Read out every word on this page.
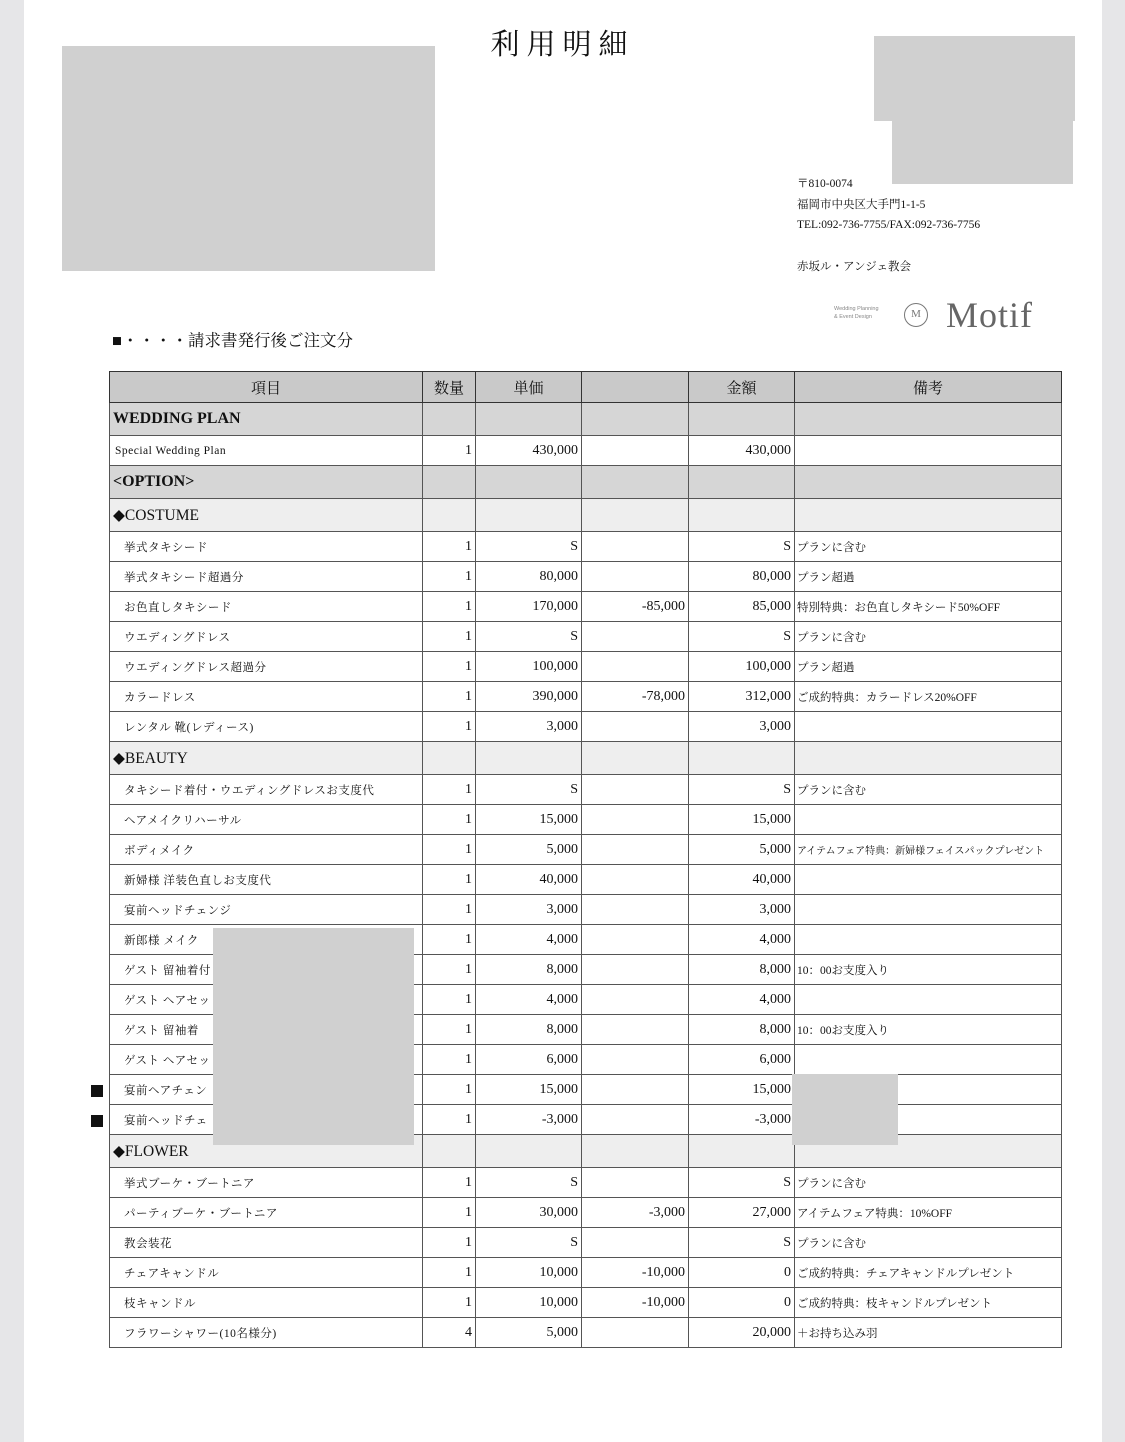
利用明細
〒810-0074
福岡市中央区大手門1-1-5
TEL:092-736-7755/FAX:092-736-7756
赤坂ル・アンジェ教会
Wedding Planning
& Event Design	M Motif
■・・・・請求書発行後ご注文分
項目	数量	単価		金額	備考
WEDDING PLAN					
Special Wedding Plan	1	430,000		430,000	
<OPTION>					
◆COSTUME					
挙式タキシード	1	S		S	プランに含む
挙式タキシード超過分	1	80,000		80,000	プラン超過
お色直しタキシード	1	170,000	-85,000	85,000	特別特典：お色直しタキシード50%OFF
ウエディングドレス	1	S		S	プランに含む
ウエディングドレス超過分	1	100,000		100,000	プラン超過
カラードレス	1	390,000	-78,000	312,000	ご成約特典：カラードレス20%OFF
レンタル 靴(レディース)	1	3,000		3,000	
◆BEAUTY					
タキシード着付・ウエディングドレスお支度代	1	S		S	プランに含む
ヘアメイクリハーサル	1	15,000		15,000	
ボディメイク	1	5,000		5,000	アイテムフェア特典：新婦様フェイスパックプレゼント
新婦様 洋装色直しお支度代	1	40,000		40,000	
宴前ヘッドチェンジ	1	3,000		3,000	
新郎様 メイク	1	4,000		4,000	
ゲスト 留袖着付	1	8,000		8,000	10：00お支度入り
ゲスト ヘアセッ	1	4,000		4,000	
ゲスト 留袖着	1	8,000		8,000	10：00お支度入り
ゲスト ヘアセッ	1	6,000		6,000	
宴前ヘアチェン	1	15,000		15,000	
宴前ヘッドチェ	1	-3,000		-3,000	
◆FLOWER					
挙式ブーケ・ブートニア	1	S		S	プランに含む
パーティブーケ・ブートニア	1	30,000	-3,000	27,000	アイテムフェア特典：10%OFF
教会装花	1	S		S	プランに含む
チェアキャンドル	1	10,000	-10,000	0	ご成約特典：チェアキャンドルプレゼント
枝キャンドル	1	10,000	-10,000	0	ご成約特典：枝キャンドルプレゼント
フラワーシャワー(10名様分)	4	5,000		20,000	＋お持ち込み羽
